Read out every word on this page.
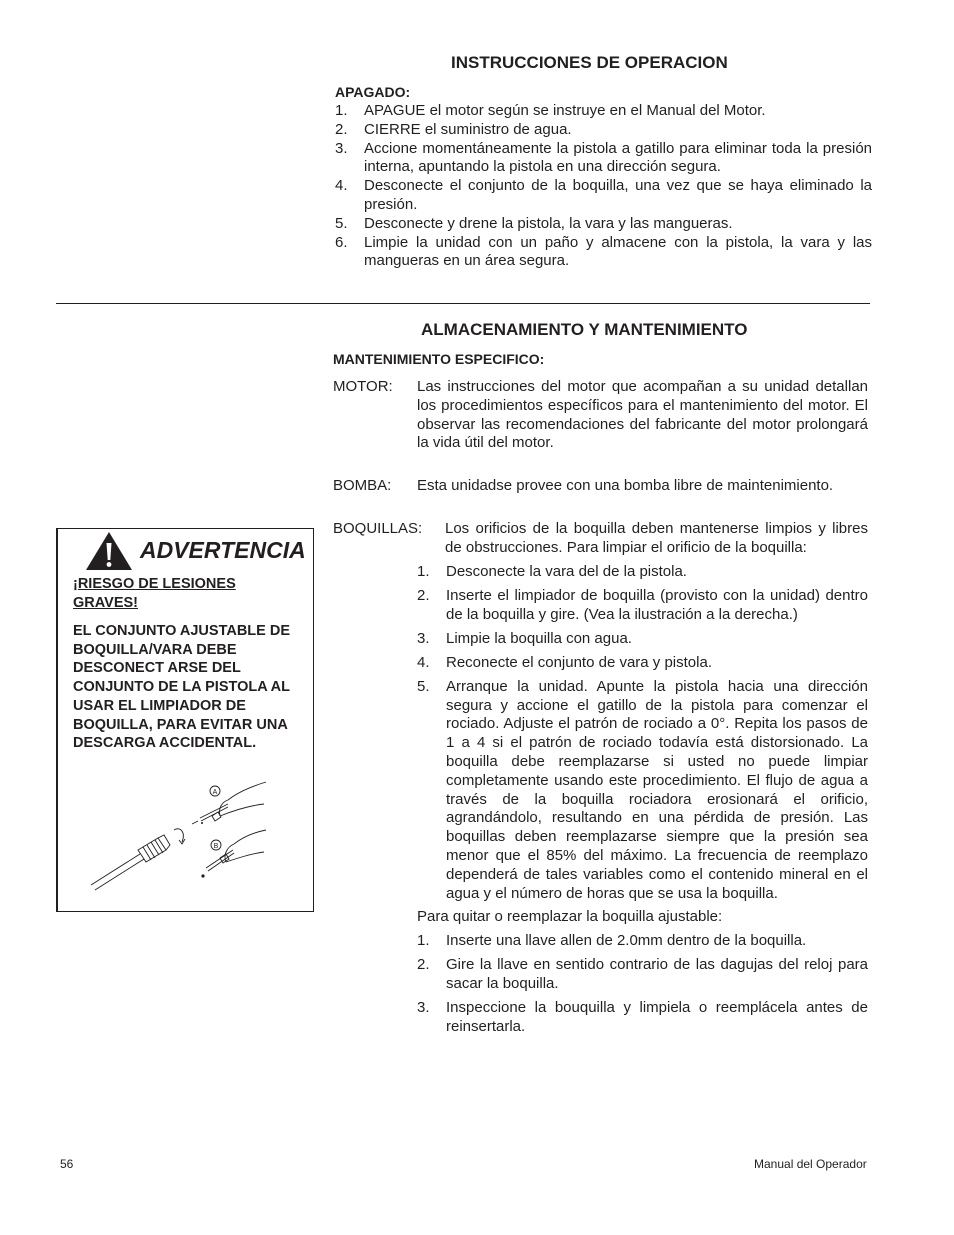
INSTRUCCIONES DE OPERACION
APAGADO:
1. APAGUE el motor según se instruye en el Manual del Motor.
2. CIERRE el suministro de agua.
3. Accione momentáneamente la pistola a gatillo para eliminar toda la presión interna, apuntando la pistola en una dirección segura.
4. Desconecte el conjunto de la boquilla, una vez que se haya eliminado la presión.
5. Desconecte y drene la pistola, la vara y las mangueras.
6. Limpie la unidad con un paño y almacene con la pistola, la vara y las mangueras en un área segura.
ALMACENAMIENTO Y MANTENIMIENTO
MANTENIMIENTO ESPECIFICO:
MOTOR: Las instrucciones del motor que acompañan a su unidad detallan los procedimientos específicos para el mantenimiento del motor. El observar las recomendaciones del fabricante del motor prolongará la vida útil del motor.
BOMBA: Esta unidadse provee con una bomba libre de maintenimiento.
BOQUILLAS: Los orificios de la boquilla deben mantenerse limpios y libres de obstrucciones. Para limpiar el orificio de la boquilla:
1. Desconecte la vara del de la pistola.
2. Inserte el limpiador de boquilla (provisto con la unidad) dentro de la boquilla y gire. (Vea la ilustración a la derecha.)
3. Limpie la boquilla con agua.
4. Reconecte el conjunto de vara y pistola.
5. Arranque la unidad. Apunte la pistola hacia una dirección segura y accione el gatillo de la pistola para comenzar el rociado. Adjuste el patrón de rociado a 0°. Repita los pasos de 1 a 4 si el patrón de rociado todavía está distorsionado. La boquilla debe reemplazarse si usted no puede limpiar completamente usando este procedimiento. El flujo de agua a través de la boquilla rociadora erosionará el orificio, agrandándolo, resultando en una pérdida de presión. Las boquillas deben reemplazarse siempre que la presión sea menor que el 85% del máximo. La frecuencia de reemplazo dependerá de tales variables como el contenido mineral en el agua y el número de horas que se usa la boquilla.
Para quitar o reemplazar la boquilla ajustable:
1. Inserte una llave allen de 2.0mm dentro de la boquilla.
2. Gire la llave en sentido contrario de las dagujas del reloj para sacar la boquilla.
3. Inspeccione la bouquilla y limpiela o reemplácela antes de reinsertarla.
ADVERTENCIA
¡RIESGO DE LESIONES GRAVES!
EL CONJUNTO AJUSTABLE DE BOQUILLA/VARA DEBE DESCONECT ARSE DEL CONJUNTO DE LA PISTOLA AL USAR EL LIMPIADOR DE BOQUILLA, PARA EVITAR UNA DESCARGA ACCIDENTAL.
A
B
56	Manual del Operador
